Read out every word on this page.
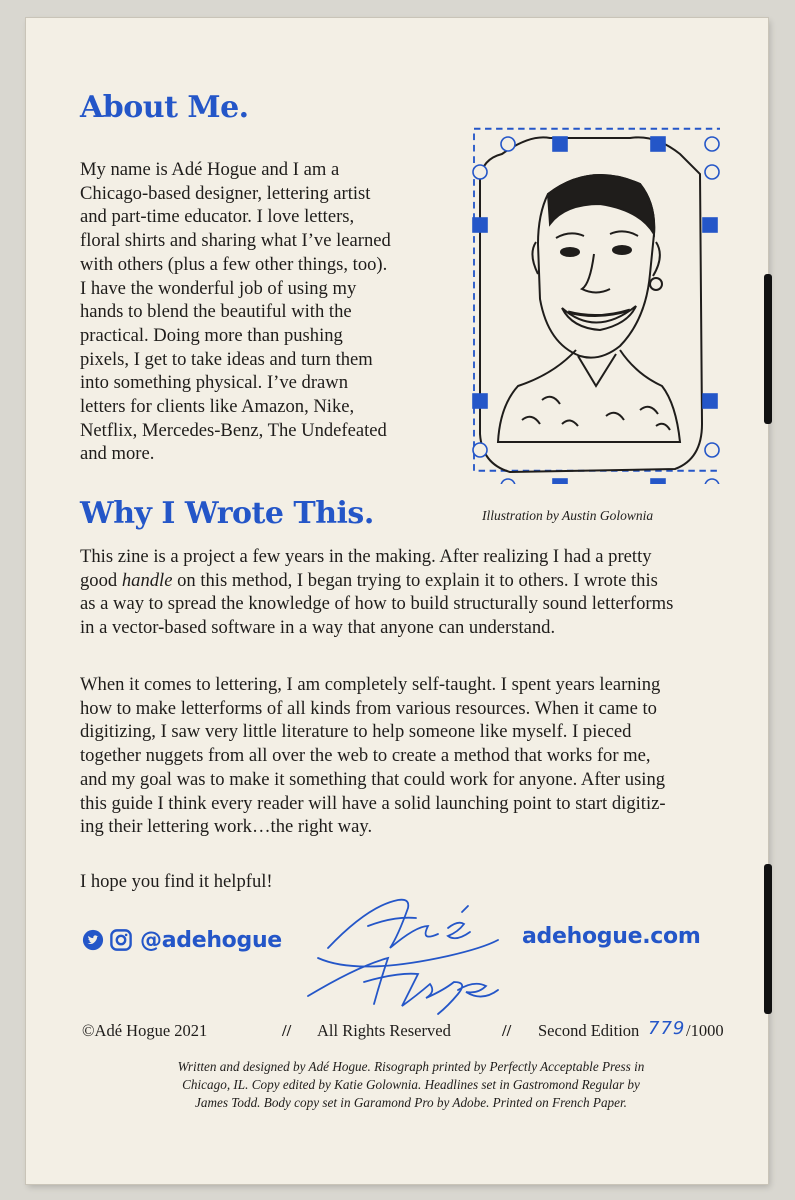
About Me.

My name is Adé Hogue and I am a
Chicago-based designer, lettering artist
and part-time educator. I love letters,
floral shirts and sharing what I’ve learned
with others (plus a few other things, too).
I have the wonderful job of using my
hands to blend the beautiful with the
practical. Doing more than pushing
pixels, I get to take ideas and turn them
into something physical. I’ve drawn
letters for clients like Amazon, Nike,
Netflix, Mercedes-Benz, The Undefeated
and more.

Illustration by Austin Golownia

Why I Wrote This.

This zine is a project a few years in the making. After realizing I had a pretty
good handle on this method, I began trying to explain it to others. I wrote this
as a way to spread the knowledge of how to build structurally sound letterforms
in a vector-based software in a way that anyone can understand.

When it comes to lettering, I am completely self-taught. I spent years learning
how to make letterforms of all kinds from various resources. When it came to
digitizing, I saw very little literature to help someone like myself. I pieced
together nuggets from all over the web to create a method that works for me,
and my goal was to make it something that could work for anyone. After using
this guide I think every reader will have a solid launching point to start digitiz-
ing their lettering work…the right way.

I hope you find it helpful!

@adehogue	adehogue.com
©Adé Hogue 2021	// All Rights Reserved	// Second Edition 779 /1000

Written and designed by Adé Hogue. Risograph printed by Perfectly Acceptable Press in
Chicago, IL. Copy edited by Katie Golownia. Headlines set in Gastromond Regular by
James Todd. Body copy set in Garamond Pro by Adobe. Printed on French Paper.
